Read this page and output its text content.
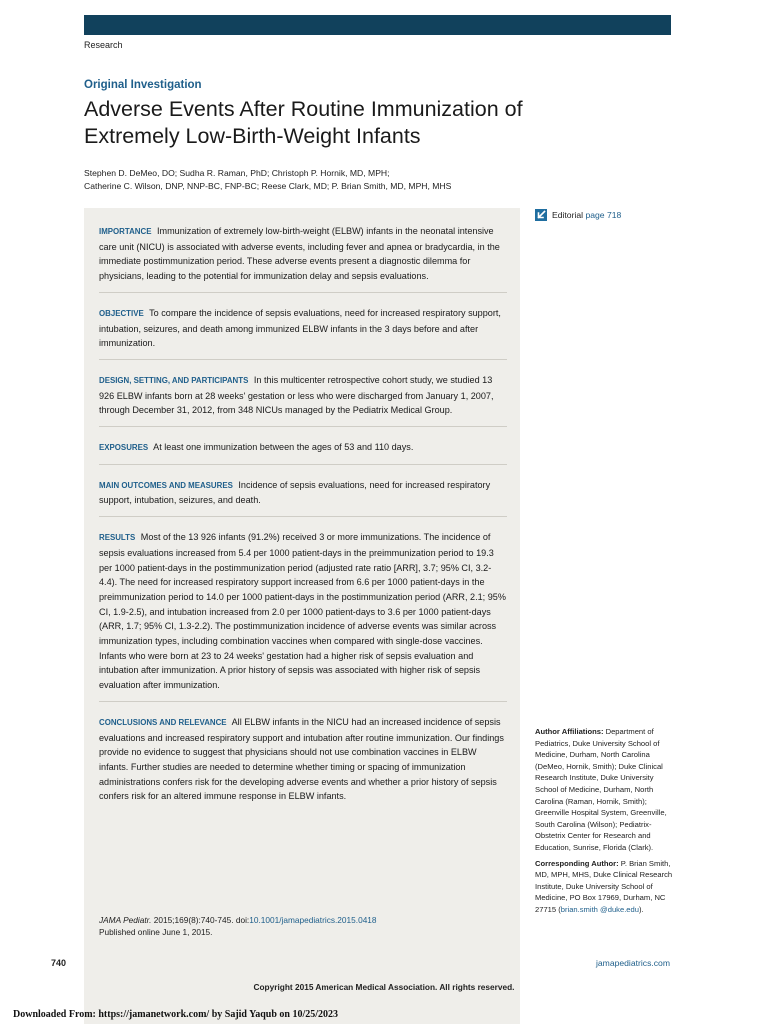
Research
Original Investigation
Adverse Events After Routine Immunization of Extremely Low-Birth-Weight Infants
Stephen D. DeMeo, DO; Sudha R. Raman, PhD; Christoph P. Hornik, MD, MPH;
Catherine C. Wilson, DNP, NNP-BC, FNP-BC; Reese Clark, MD; P. Brian Smith, MD, MPH, MHS
IMPORTANCE Immunization of extremely low-birth-weight (ELBW) infants in the neonatal intensive care unit (NICU) is associated with adverse events, including fever and apnea or bradycardia, in the immediate postimmunization period. These adverse events present a diagnostic dilemma for physicians, leading to the potential for immunization delay and sepsis evaluations.
OBJECTIVE To compare the incidence of sepsis evaluations, need for increased respiratory support, intubation, seizures, and death among immunized ELBW infants in the 3 days before and after immunization.
DESIGN, SETTING, AND PARTICIPANTS In this multicenter retrospective cohort study, we studied 13 926 ELBW infants born at 28 weeks' gestation or less who were discharged from January 1, 2007, through December 31, 2012, from 348 NICUs managed by the Pediatrix Medical Group.
EXPOSURES At least one immunization between the ages of 53 and 110 days.
MAIN OUTCOMES AND MEASURES Incidence of sepsis evaluations, need for increased respiratory support, intubation, seizures, and death.
RESULTS Most of the 13 926 infants (91.2%) received 3 or more immunizations. The incidence of sepsis evaluations increased from 5.4 per 1000 patient-days in the preimmunization period to 19.3 per 1000 patient-days in the postimmunization period (adjusted rate ratio [ARR], 3.7; 95% CI, 3.2-4.4). The need for increased respiratory support increased from 6.6 per 1000 patient-days in the preimmunization period to 14.0 per 1000 patient-days in the postimmunization period (ARR, 2.1; 95% CI, 1.9-2.5), and intubation increased from 2.0 per 1000 patient-days to 3.6 per 1000 patient-days (ARR, 1.7; 95% CI, 1.3-2.2). The postimmunization incidence of adverse events was similar across immunization types, including combination vaccines when compared with single-dose vaccines. Infants who were born at 23 to 24 weeks' gestation had a higher risk of sepsis evaluation and intubation after immunization. A prior history of sepsis was associated with higher risk of sepsis evaluation after immunization.
CONCLUSIONS AND RELEVANCE All ELBW infants in the NICU had an increased incidence of sepsis evaluations and increased respiratory support and intubation after routine immunization. Our findings provide no evidence to suggest that physicians should not use combination vaccines in ELBW infants. Further studies are needed to determine whether timing or spacing of immunization administrations confers risk for the developing adverse events and whether a prior history of sepsis confers risk for an altered immune response in ELBW infants.
JAMA Pediatr. 2015;169(8):740-745. doi:10.1001/jamapediatrics.2015.0418
Published online June 1, 2015.
Editorial
page 718

Author Affiliations: Department of Pediatrics, Duke University School of Medicine, Durham, North Carolina (DeMeo, Hornik, Smith); Duke Clinical Research Institute, Duke University School of Medicine, Durham, North Carolina (Raman, Hornik, Smith); Greenville Hospital System, Greenville, South Carolina (Wilson); Pediatrix-Obstetrix Center for Research and Education, Sunrise, Florida (Clark).

Corresponding Author: P. Brian Smith, MD, MPH, MHS, Duke Clinical Research Institute, Duke University School of Medicine, PO Box 17969, Durham, NC 27715 (brian.smith @duke.edu).

740	jamapediatrics.com
Copyright 2015 American Medical Association. All rights reserved.
Downloaded From: https://jamanetwork.com/ by Sajid Yaqub on 10/25/2023
